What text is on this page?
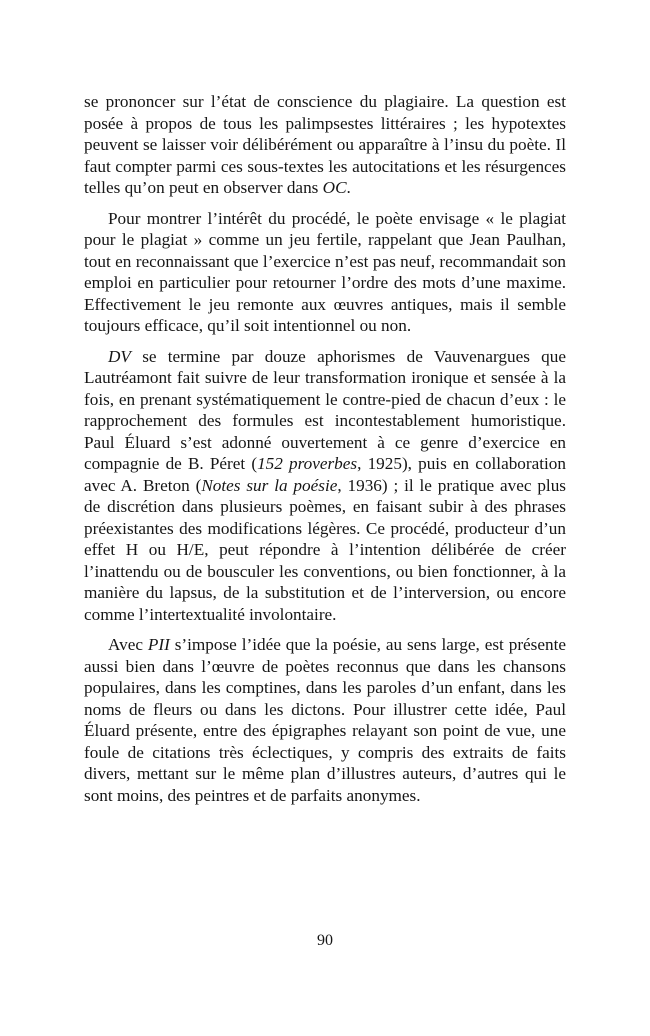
se prononcer sur l’état de conscience du plagiaire. La question est posée à propos de tous les palimpsestes littéraires ; les hypotextes peuvent se laisser voir délibérément ou apparaître à l’insu du poète. Il faut compter parmi ces sous-textes les autocitations et les résurgences telles qu’on peut en observer dans OC.

Pour montrer l’intérêt du procédé, le poète envisage « le plagiat pour le plagiat » comme un jeu fertile, rappelant que Jean Paulhan, tout en reconnaissant que l’exercice n’est pas neuf, recommandait son emploi en particulier pour retourner l’ordre des mots d’une maxime. Effectivement le jeu remonte aux œuvres antiques, mais il semble toujours efficace, qu’il soit intentionnel ou non.

DV se termine par douze aphorismes de Vauvenargues que Lautréamont fait suivre de leur transformation ironique et sensée à la fois, en prenant systématiquement le contre-pied de chacun d’eux : le rapprochement des formules est incontestablement humoristique. Paul Éluard s’est adonné ouvertement à ce genre d’exercice en compagnie de B. Péret (152 proverbes, 1925), puis en collaboration avec A. Breton (Notes sur la poésie, 1936) ; il le pratique avec plus de discrétion dans plusieurs poèmes, en faisant subir à des phrases préexistantes des modifications légères. Ce procédé, producteur d’un effet H ou H/E, peut répondre à l’intention délibérée de créer l’inattendu ou de bousculer les conventions, ou bien fonctionner, à la manière du lapsus, de la substitution et de l’interversion, ou encore comme l’intertextualité involontaire.

Avec PII s’impose l’idée que la poésie, au sens large, est présente aussi bien dans l’œuvre de poètes reconnus que dans les chansons populaires, dans les comptines, dans les paroles d’un enfant, dans les noms de fleurs ou dans les dictons. Pour illustrer cette idée, Paul Éluard présente, entre des épigraphes relayant son point de vue, une foule de citations très éclectiques, y compris des extraits de faits divers, mettant sur le même plan d’illustres auteurs, d’autres qui le sont moins, des peintres et de parfaits anonymes.

90
